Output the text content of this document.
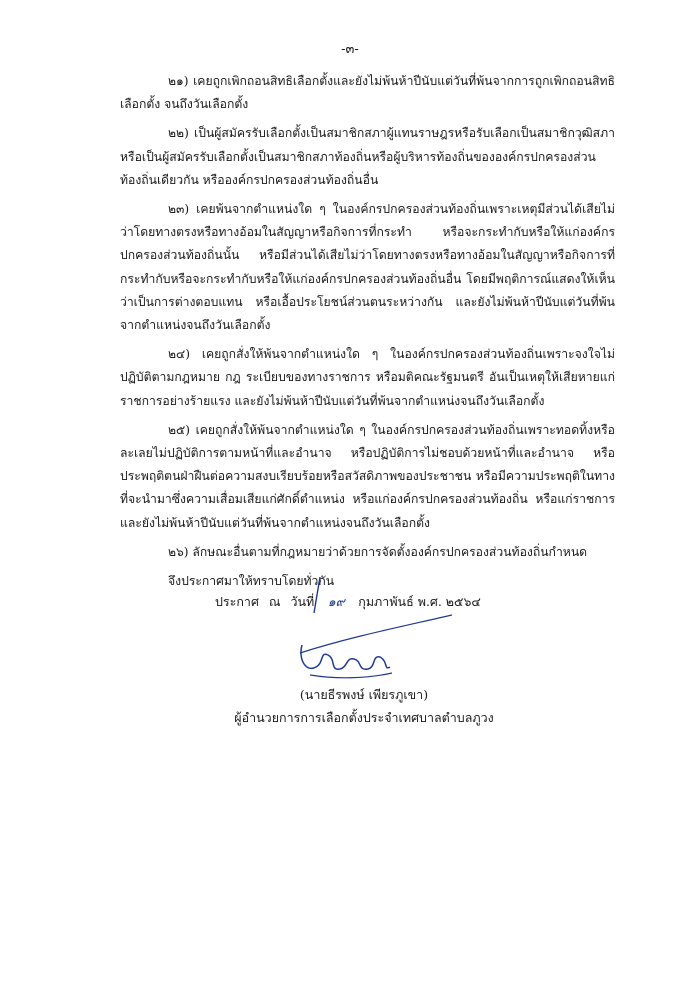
-๓-

๒๑) เคยถูกเพิกถอนสิทธิเลือกตั้งและยังไม่พ้นห้าปีนับแต่วันที่พ้นจากการถูกเพิกถอนสิทธิเลือกตั้ง จนถึงวันเลือกตั้ง

๒๒) เป็นผู้สมัครรับเลือกตั้งเป็นสมาชิกสภาผู้แทนราษฎรหรือรับเลือกเป็นสมาชิกวุฒิสภา หรือเป็นผู้สมัครรับเลือกตั้งเป็นสมาชิกสภาท้องถิ่นหรือผู้บริหารท้องถิ่นขององค์กรปกครองส่วนท้องถิ่นเดียวกัน หรือองค์กรปกครองส่วนท้องถิ่นอื่น

๒๓) เคยพ้นจากตำแหน่งใด ๆ ในองค์กรปกครองส่วนท้องถิ่นเพราะเหตุมีส่วนได้เสียไม่ว่าโดยทางตรงหรือทางอ้อมในสัญญาหรือกิจการที่กระทำ หรือจะกระทำกับหรือให้แก่องค์กรปกครองส่วนท้องถิ่นนั้น หรือมีส่วนได้เสียไม่ว่าโดยทางตรงหรือทางอ้อมในสัญญาหรือกิจการที่กระทำกับหรือจะกระทำกับหรือให้แก่องค์กรปกครองส่วนท้องถิ่นอื่น โดยมีพฤติการณ์แสดงให้เห็นว่าเป็นการต่างตอบแทน หรือเอื้อประโยชน์ส่วนตนระหว่างกัน และยังไม่พ้นห้าปีนับแต่วันที่พ้นจากตำแหน่งจนถึงวันเลือกตั้ง

๒๔) เคยถูกสั่งให้พ้นจากตำแหน่งใด ๆ ในองค์กรปกครองส่วนท้องถิ่นเพราะจงใจไม่ปฏิบัติตามกฎหมาย กฎ ระเบียบของทางราชการ หรือมติคณะรัฐมนตรี อันเป็นเหตุให้เสียหายแก่ราชการอย่างร้ายแรง และยังไม่พ้นห้าปีนับแต่วันที่พ้นจากตำแหน่งจนถึงวันเลือกตั้ง

๒๕) เคยถูกสั่งให้พ้นจากตำแหน่งใด ๆ ในองค์กรปกครองส่วนท้องถิ่นเพราะทอดทิ้งหรือละเลยไม่ปฏิบัติการตามหน้าที่และอำนาจ หรือปฏิบัติการไม่ชอบด้วยหน้าที่และอำนาจ หรือประพฤติตนฝ่าฝืนต่อความสงบเรียบร้อยหรือสวัสดิภาพของประชาชน หรือมีความประพฤติในทางที่จะนำมาซึ่งความเสื่อมเสียแก่ศักดิ์ตำแหน่ง หรือแก่องค์กรปกครองส่วนท้องถิ่น หรือแก่ราชการ และยังไม่พ้นห้าปีนับแต่วันที่พ้นจากตำแหน่งจนถึงวันเลือกตั้ง

๒๖) ลักษณะอื่นตามที่กฎหมายว่าด้วยการจัดตั้งองค์กรปกครองส่วนท้องถิ่นกำหนด

จึงประกาศมาให้ทราบโดยทั่วกัน

ประกาศ ณ วันที่ ๑๙ กุมภาพันธ์ พ.ศ. ๒๕๖๔
(นายธีรพงษ์ เพียรภูเขา)
ผู้อำนวยการการเลือกตั้งประจำเทศบาลตำบลภูวง
